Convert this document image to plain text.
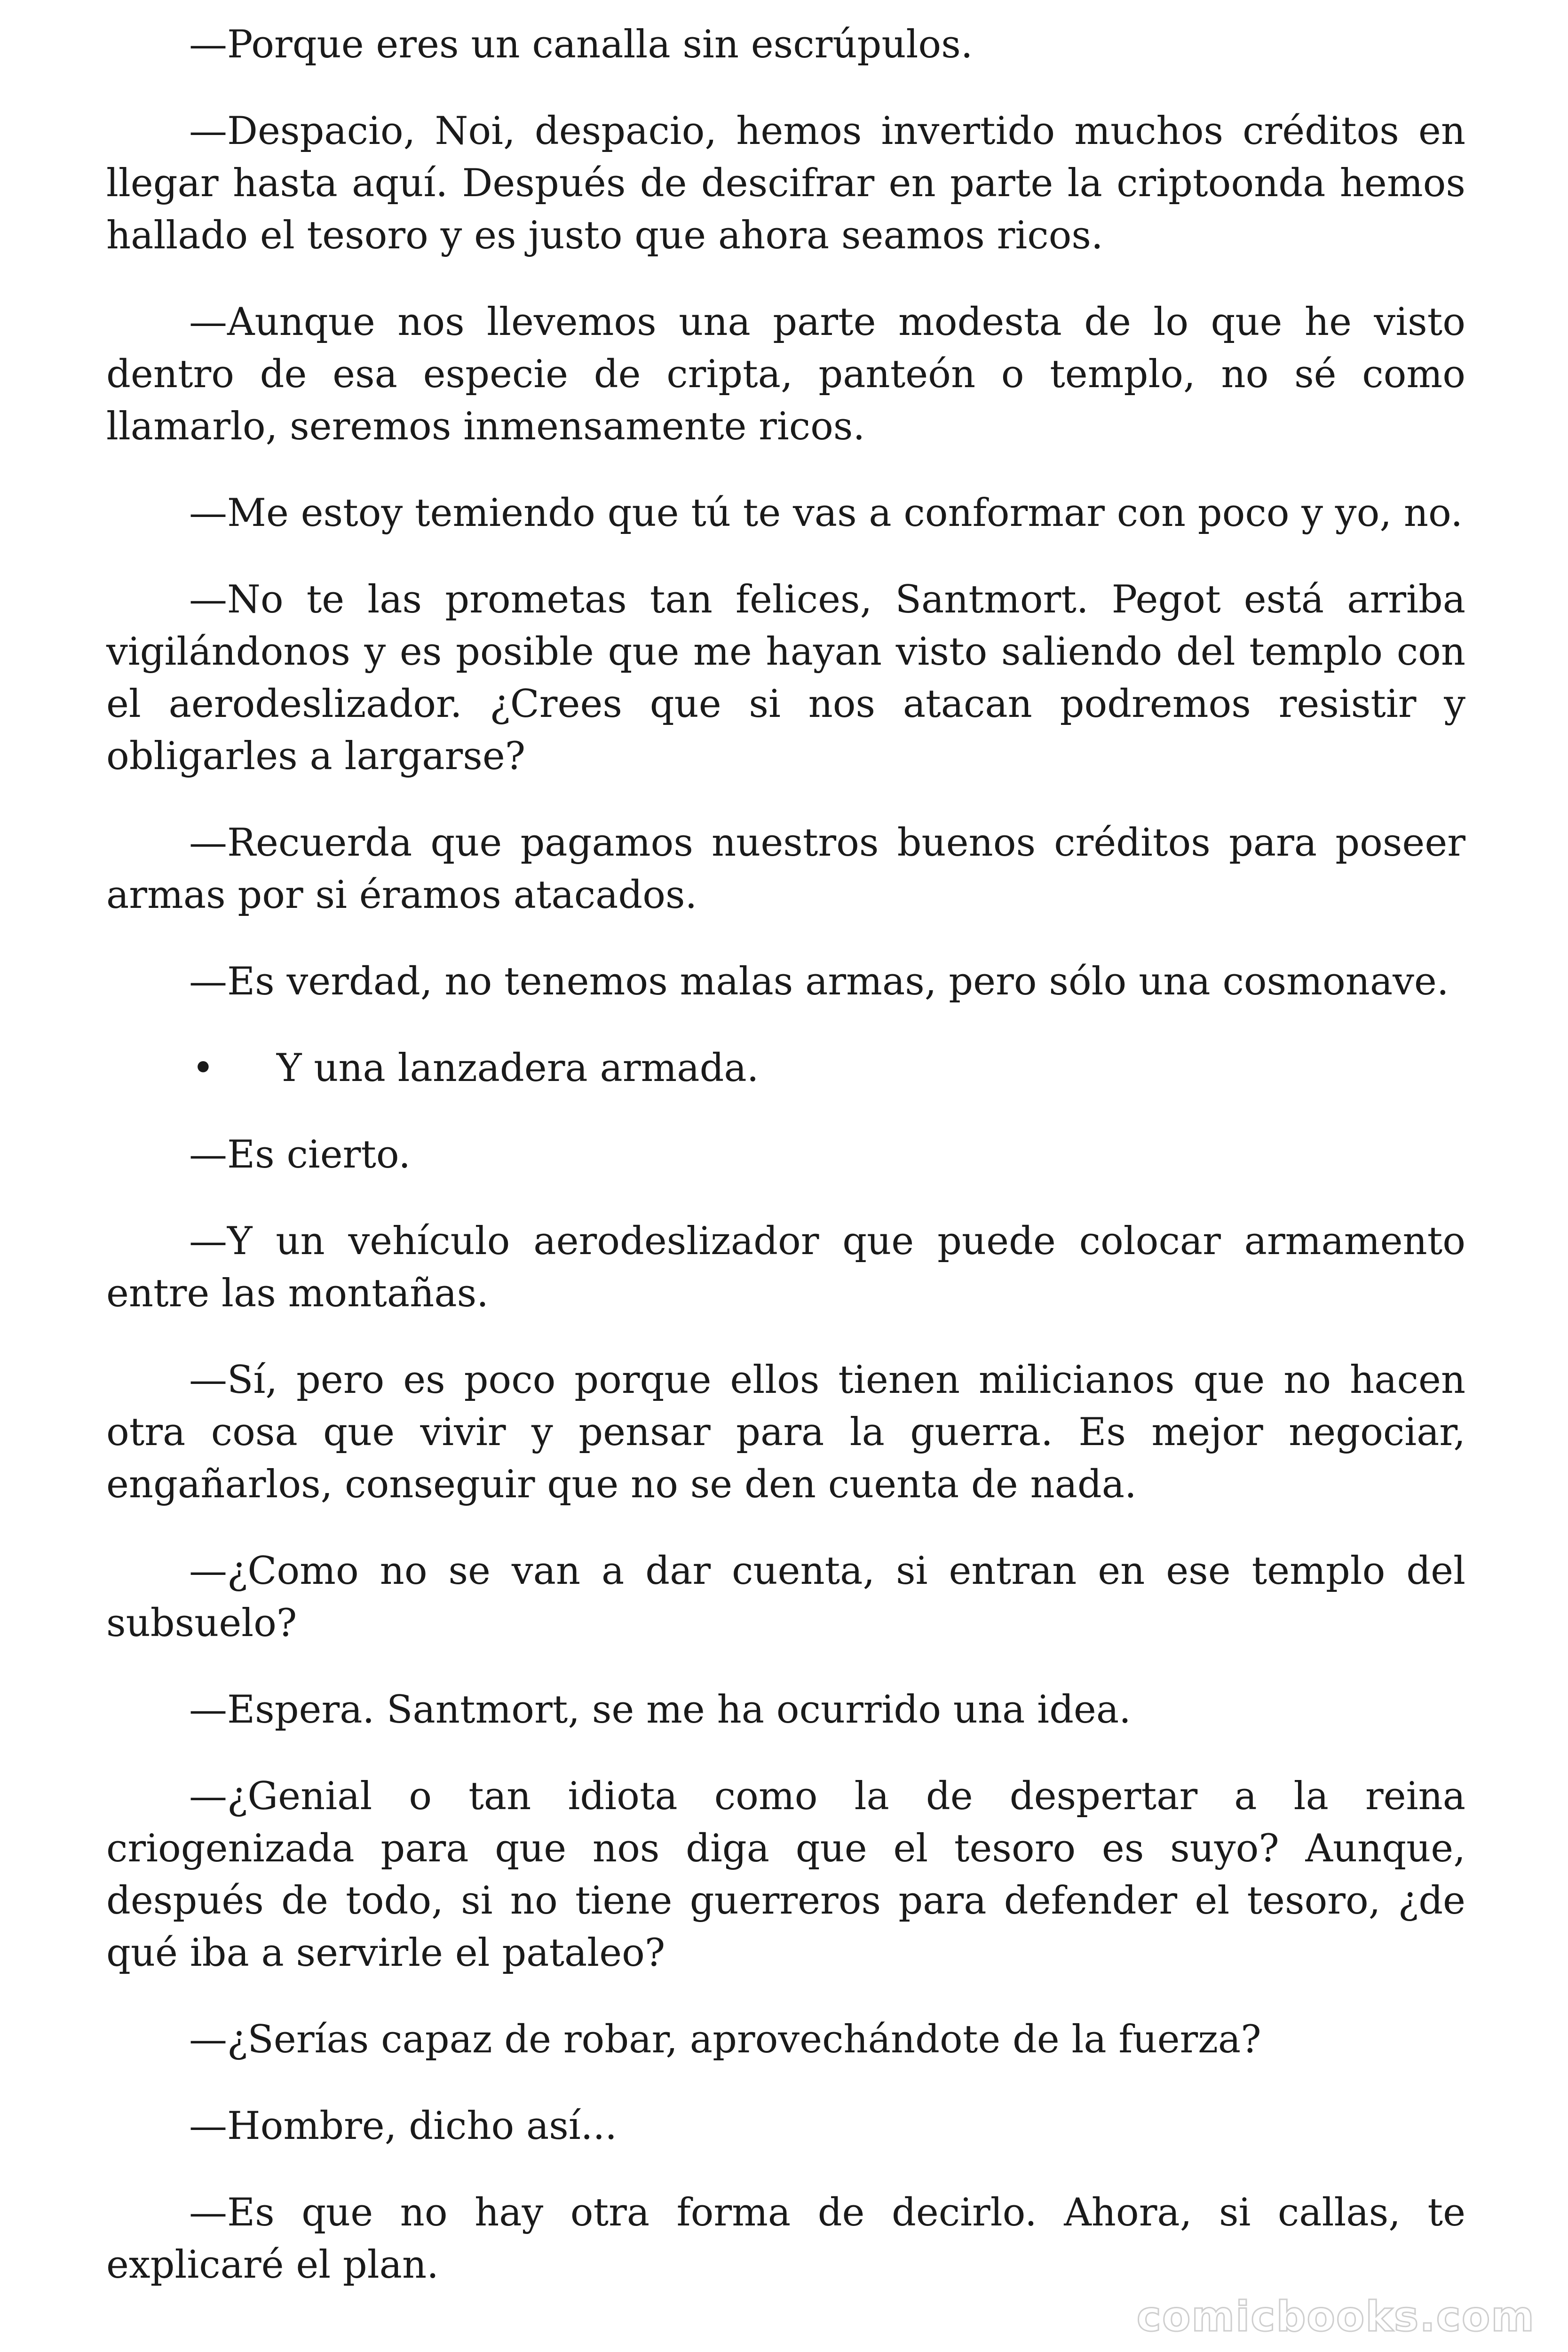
—Porque eres un canalla sin escrúpulos.

—Despacio, Noi, despacio, hemos invertido muchos créditos en llegar hasta aquí. Después de descifrar en parte la criptoonda hemos hallado el tesoro y es justo que ahora seamos ricos.

—Aunque nos llevemos una parte modesta de lo que he visto dentro de esa especie de cripta, panteón o templo, no sé como llamarlo, seremos inmensamente ricos.

—Me estoy temiendo que tú te vas a conformar con poco y yo, no.

—No te las prometas tan felices, Santmort. Pegot está arriba vigilándonos y es posible que me hayan visto saliendo del templo con el aerodeslizador. ¿Crees que si nos atacan podremos resistir y obligarles a largarse?

—Recuerda que pagamos nuestros buenos créditos para poseer armas por si éramos atacados.

—Es verdad, no tenemos malas armas, pero sólo una cosmonave.

•	Y una lanzadera armada.

—Es cierto.

—Y un vehículo aerodeslizador que puede colocar armamento entre las montañas.

—Sí, pero es poco porque ellos tienen milicianos que no hacen otra cosa que vivir y pensar para la guerra. Es mejor negociar, engañarlos, conseguir que no se den cuenta de nada.

—¿Como no se van a dar cuenta, si entran en ese templo del subsuelo?

—Espera. Santmort, se me ha ocurrido una idea.

—¿Genial o tan idiota como la de despertar a la reina criogenizada para que nos diga que el tesoro es suyo? Aunque, después de todo, si no tiene guerreros para defender el tesoro, ¿de qué iba a servirle el pataleo?

—¿Serías capaz de robar, aprovechándote de la fuerza?

—Hombre, dicho así...

—Es que no hay otra forma de decirlo. Ahora, si callas, te explicaré el plan.

comicbooks.com
